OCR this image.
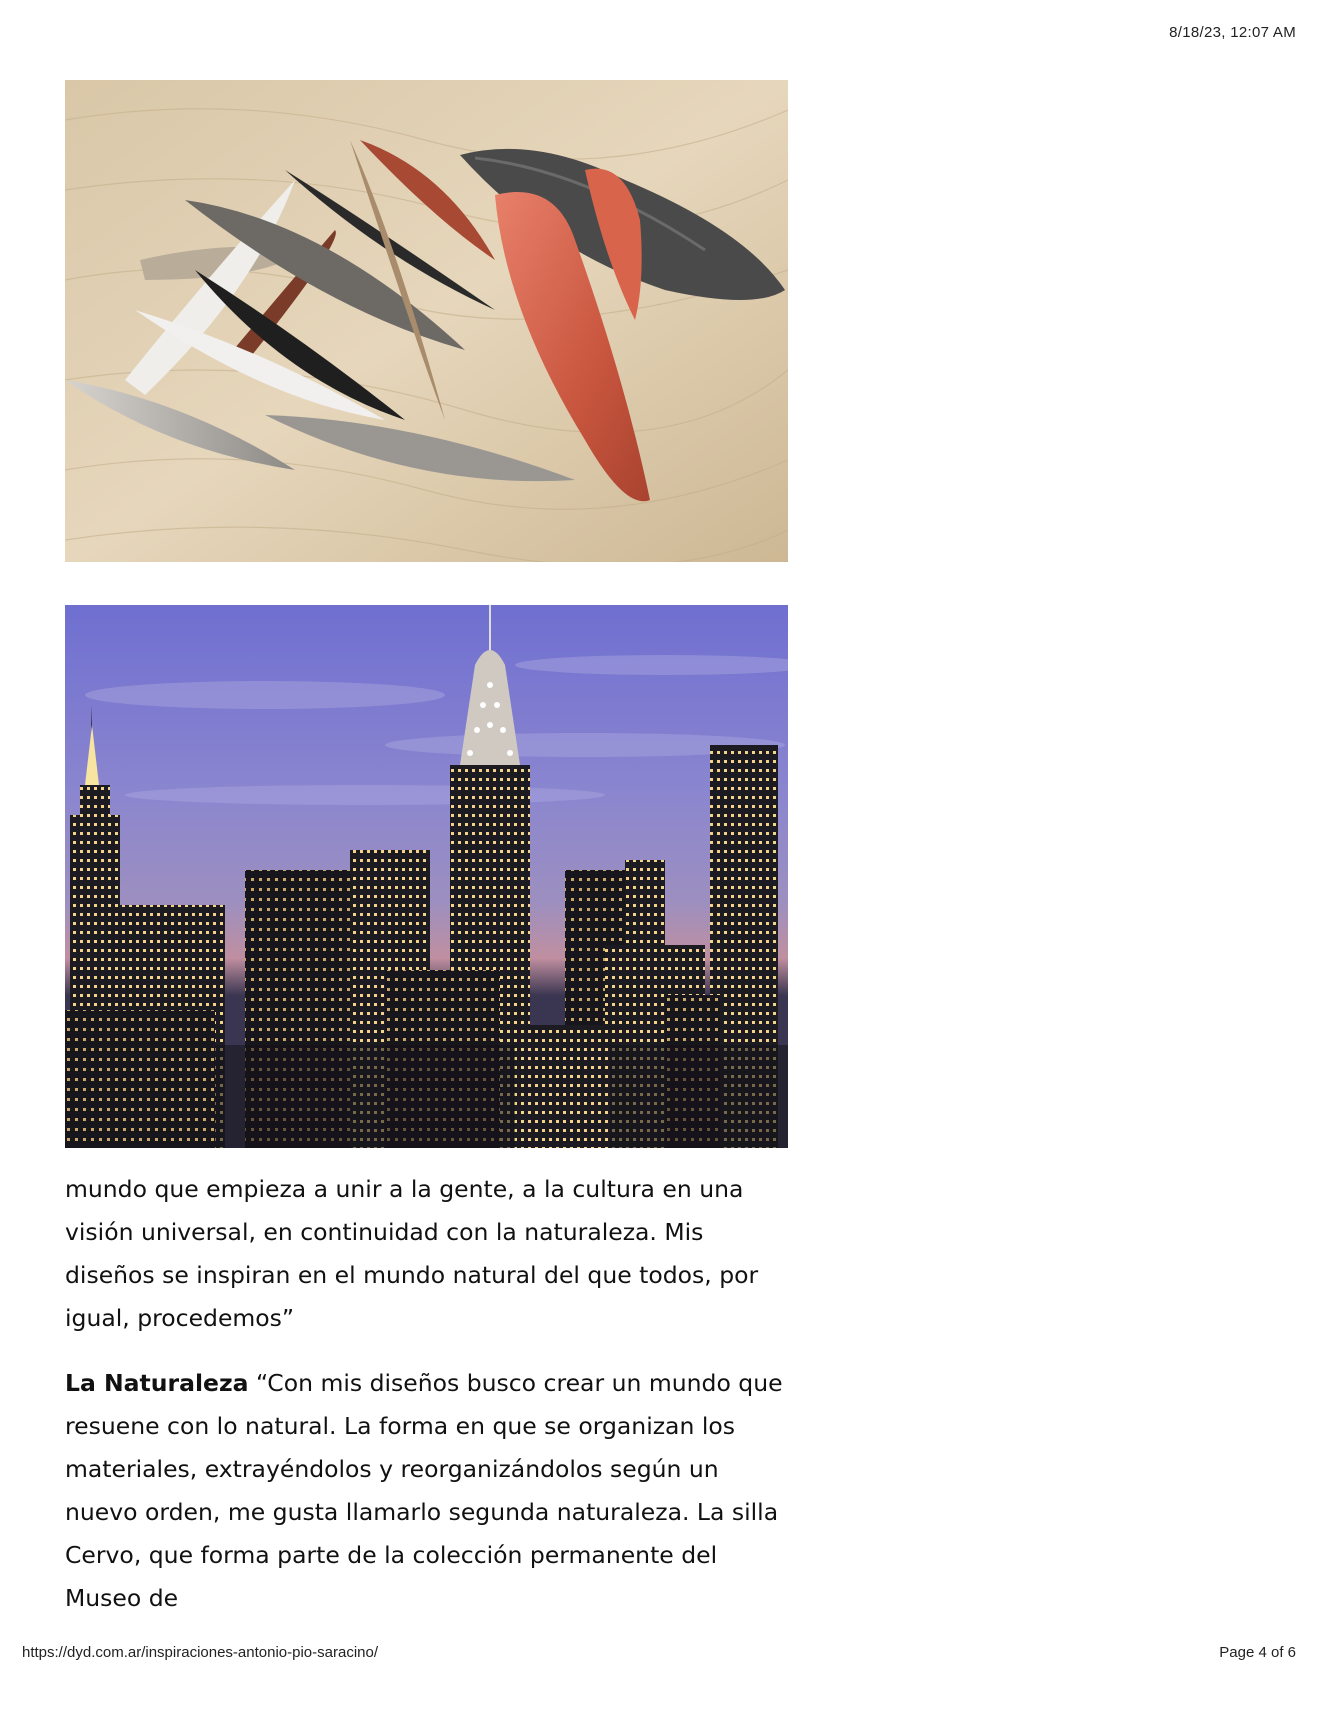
8/18/23, 12:07 AM

mundo que empieza a unir a la gente, a la cultura en una visión universal, en continuidad con la naturaleza. Mis diseños se inspiran en el mundo natural del que todos, por igual, procedemos”

La Naturaleza “Con mis diseños busco crear un mundo que resuene con lo natural. La forma en que se organizan los materiales, extrayéndolos y reorganizándolos según un nuevo orden, me gusta llamarlo segunda naturaleza. La silla Cervo, que forma parte de la colección permanente del Museo de

https://dyd.com.ar/inspiraciones-antonio-pio-saracino/	Page 4 of 6
